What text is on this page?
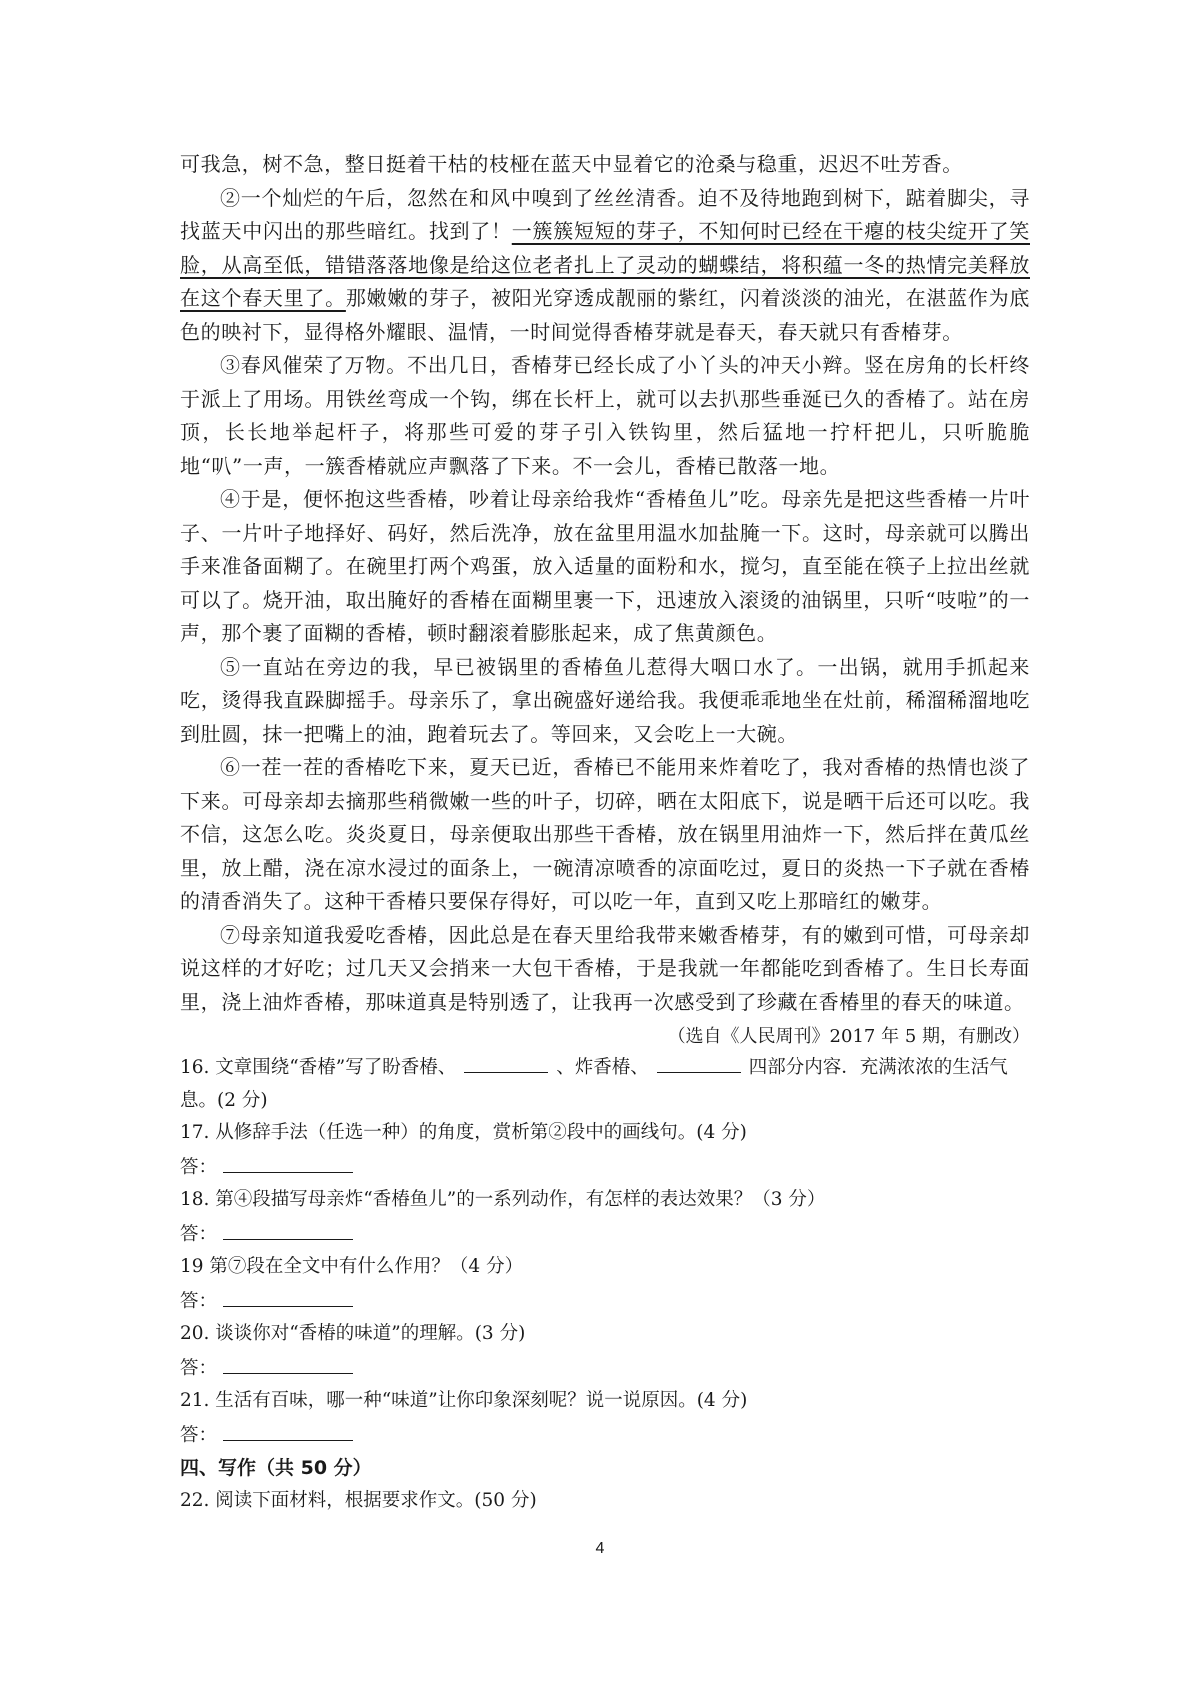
可我急，树不急，整日挺着干枯的枝桠在蓝天中显着它的沧桑与稳重，迟迟不吐芳香。

②一个灿烂的午后，忽然在和风中嗅到了丝丝清香。迫不及待地跑到树下，踮着脚尖，寻找蓝天中闪出的那些暗红。找到了！一簇簇短短的芽子，不知何时已经在干瘪的枝尖绽开了笑脸，从高至低，错错落落地像是给这位老者扎上了灵动的蝴蝶结，将积蕴一冬的热情完美释放在这个春天里了。那嫩嫩的芽子，被阳光穿透成靓丽的紫红，闪着淡淡的油光，在湛蓝作为底色的映衬下，显得格外耀眼、温情，一时间觉得香椿芽就是春天，春天就只有香椿芽。

③春风催荣了万物。不出几日，香椿芽已经长成了小丫头的冲天小辫。竖在房角的长杆终于派上了用场。用铁丝弯成一个钩，绑在长杆上，就可以去扒那些垂涎已久的香椿了。站在房顶，长长地举起杆子，将那些可爱的芽子引入铁钩里，然后猛地一拧杆把儿，只听脆脆地“叭”一声，一簇香椿就应声飘落了下来。不一会儿，香椿已散落一地。

④于是，便怀抱这些香椿，吵着让母亲给我炸“香椿鱼儿”吃。母亲先是把这些香椿一片叶子、一片叶子地择好、码好，然后洗净，放在盆里用温水加盐腌一下。这时，母亲就可以腾出手来准备面糊了。在碗里打两个鸡蛋，放入适量的面粉和水，搅匀，直至能在筷子上拉出丝就可以了。烧开油，取出腌好的香椿在面糊里裹一下，迅速放入滚烫的油锅里，只听“吱啦”的一声，那个裹了面糊的香椿，顿时翻滚着膨胀起来，成了焦黄颜色。

⑤一直站在旁边的我，早已被锅里的香椿鱼儿惹得大咽口水了。一出锅，就用手抓起来吃，烫得我直跺脚摇手。母亲乐了，拿出碗盛好递给我。我便乖乖地坐在灶前，稀溜稀溜地吃到肚圆，抹一把嘴上的油，跑着玩去了。等回来，又会吃上一大碗。

⑥一茬一茬的香椿吃下来，夏天已近，香椿已不能用来炸着吃了，我对香椿的热情也淡了下来。可母亲却去摘那些稍微嫩一些的叶子，切碎，晒在太阳底下，说是晒干后还可以吃。我不信，这怎么吃。炎炎夏日，母亲便取出那些干香椿，放在锅里用油炸一下，然后拌在黄瓜丝里，放上醋，浇在凉水浸过的面条上，一碗清凉喷香的凉面吃过，夏日的炎热一下子就在香椿的清香消失了。这种干香椿只要保存得好，可以吃一年，直到又吃上那暗红的嫩芽。

⑦母亲知道我爱吃香椿，因此总是在春天里给我带来嫩香椿芽，有的嫩到可惜，可母亲却说这样的才好吃；过几天又会捎来一大包干香椿，于是我就一年都能吃到香椿了。生日长寿面里，浇上油炸香椿，那味道真是特别透了，让我再一次感受到了珍藏在香椿里的春天的味道。

（选自《人民周刊》2017 年 5 期，有删改）

16. 文章围绕“香椿”写了盼香椿、	、炸香椿、	四部分内容．充满浓浓的生活气息。(2 分)

17. 从修辞手法（任选一种）的角度，赏析第②段中的画线句。(4 分)

答：

18. 第④段描写母亲炸“香椿鱼儿”的一系列动作，有怎样的表达效果？（3 分）

答：

19 第⑦段在全文中有什么作用？（4 分）

答：

20. 谈谈你对“香椿的味道”的理解。(3 分)

答：

21. 生活有百味，哪一种“味道”让你印象深刻呢？说一说原因。(4 分)

答：

四、写作（共 50 分）

22. 阅读下面材料，根据要求作文。(50 分)

4
